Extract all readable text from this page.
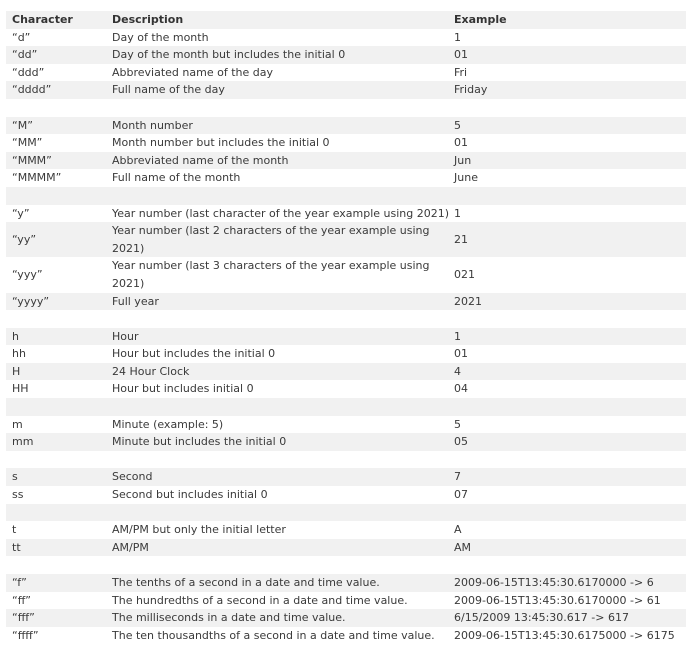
Character	Description	Example
“d”	Day of the month	1
“dd”	Day of the month but includes the initial 0	01
“ddd”	Abbreviated name of the day	Fri
“dddd”	Full name of the day	Friday

“M”	Month number	5
“MM”	Month number but includes the initial 0	01
“MMM”	Abbreviated name of the month	Jun
“MMMM”	Full name of the month	June

“y”	Year number (last character of the year example using 2021)	1
“yy”	Year number (last 2 characters of the year example using 2021)	21
“yyy”	Year number (last 3 characters of the year example using 2021)	021
“yyyy”	Full year	2021

h	Hour	1
hh	Hour but includes the initial 0	01
H	24 Hour Clock	4
HH	Hour but includes initial 0	04

m	Minute (example: 5)	5
mm	Minute but includes the initial 0	05

s	Second	7
ss	Second but includes initial 0	07

t	AM/PM but only the initial letter	A
tt	AM/PM	AM

“f”	The tenths of a second in a date and time value.	2009-06-15T13:45:30.6170000 -> 6
“ff”	The hundredths of a second in a date and time value.	2009-06-15T13:45:30.6170000 -> 61
“fff”	The milliseconds in a date and time value.	6/15/2009 13:45:30.617 -> 617
“ffff”	The ten thousandths of a second in a date and time value.	2009-06-15T13:45:30.6175000 -> 6175
